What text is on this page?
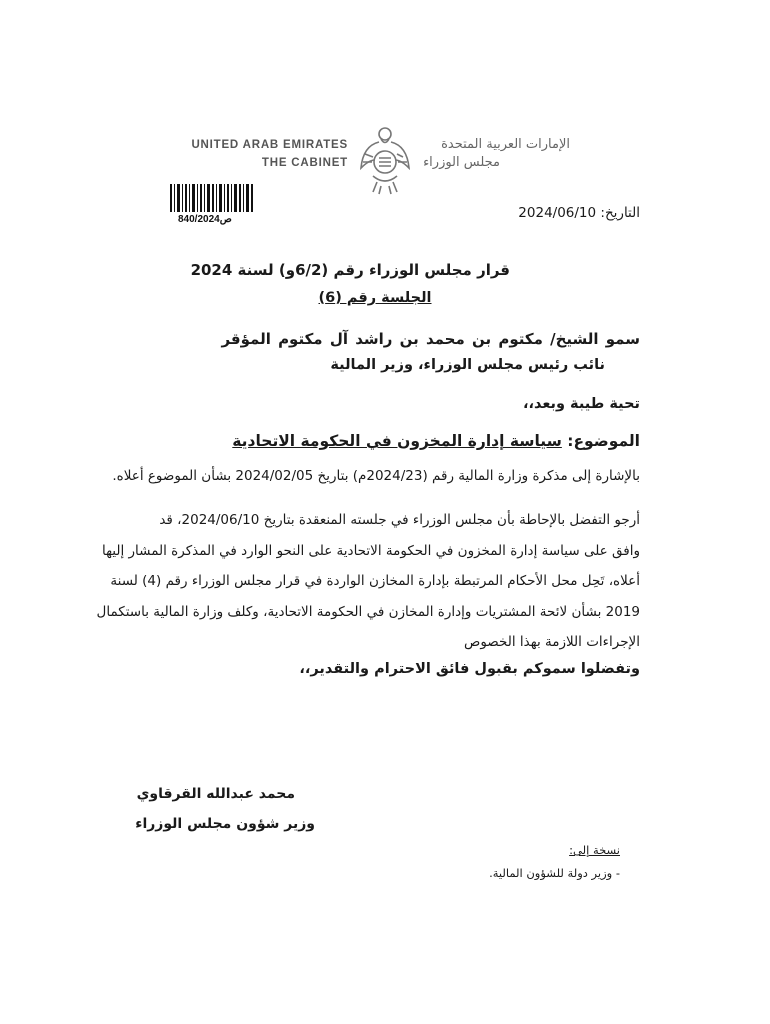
UNITED ARAB EMIRATES
THE CABINET
الإمارات العربية المتحدة
مجلس الوزراء
840/2024ص	التاريخ: 2024/06/10
قرار مجلس الوزراء رقم (6/2و) لسنة 2024
الجلسة رقم (6)
سمو الشيخ/ مكتوم بن محمد بن راشد آل مكتوم المؤقر
نائب رئيس مجلس الوزراء، وزير المالية
تحية طيبة وبعد،،
الموضوع: سياسة إدارة المخزون في الحكومة الاتحادية
بالإشارة إلى مذكرة وزارة المالية رقم (2024/23م) بتاريخ 2024/02/05 بشأن الموضوع أعلاه.
أرجو التفضل بالإحاطة بأن مجلس الوزراء في جلسته المنعقدة بتاريخ 2024/06/10، قد
وافق على سياسة إدارة المخزون في الحكومة الاتحادية على النحو الوارد في المذكرة المشار إليها
أعلاه، تَحِل محل الأحكام المرتبطة بإدارة المخازن الواردة في قرار مجلس الوزراء رقم (4) لسنة
2019 بشأن لائحة المشتريات وإدارة المخازن في الحكومة الاتحادية، وكلف وزارة المالية باستكمال
الإجراءات اللازمة بهذا الخصوص
وتفضلوا سموكم بقبول فائق الاحترام والتقدير،،
محمد عبدالله القرقاوي
وزير شؤون مجلس الوزراء
نسخة إلى:
- وزير دولة للشؤون المالية.
